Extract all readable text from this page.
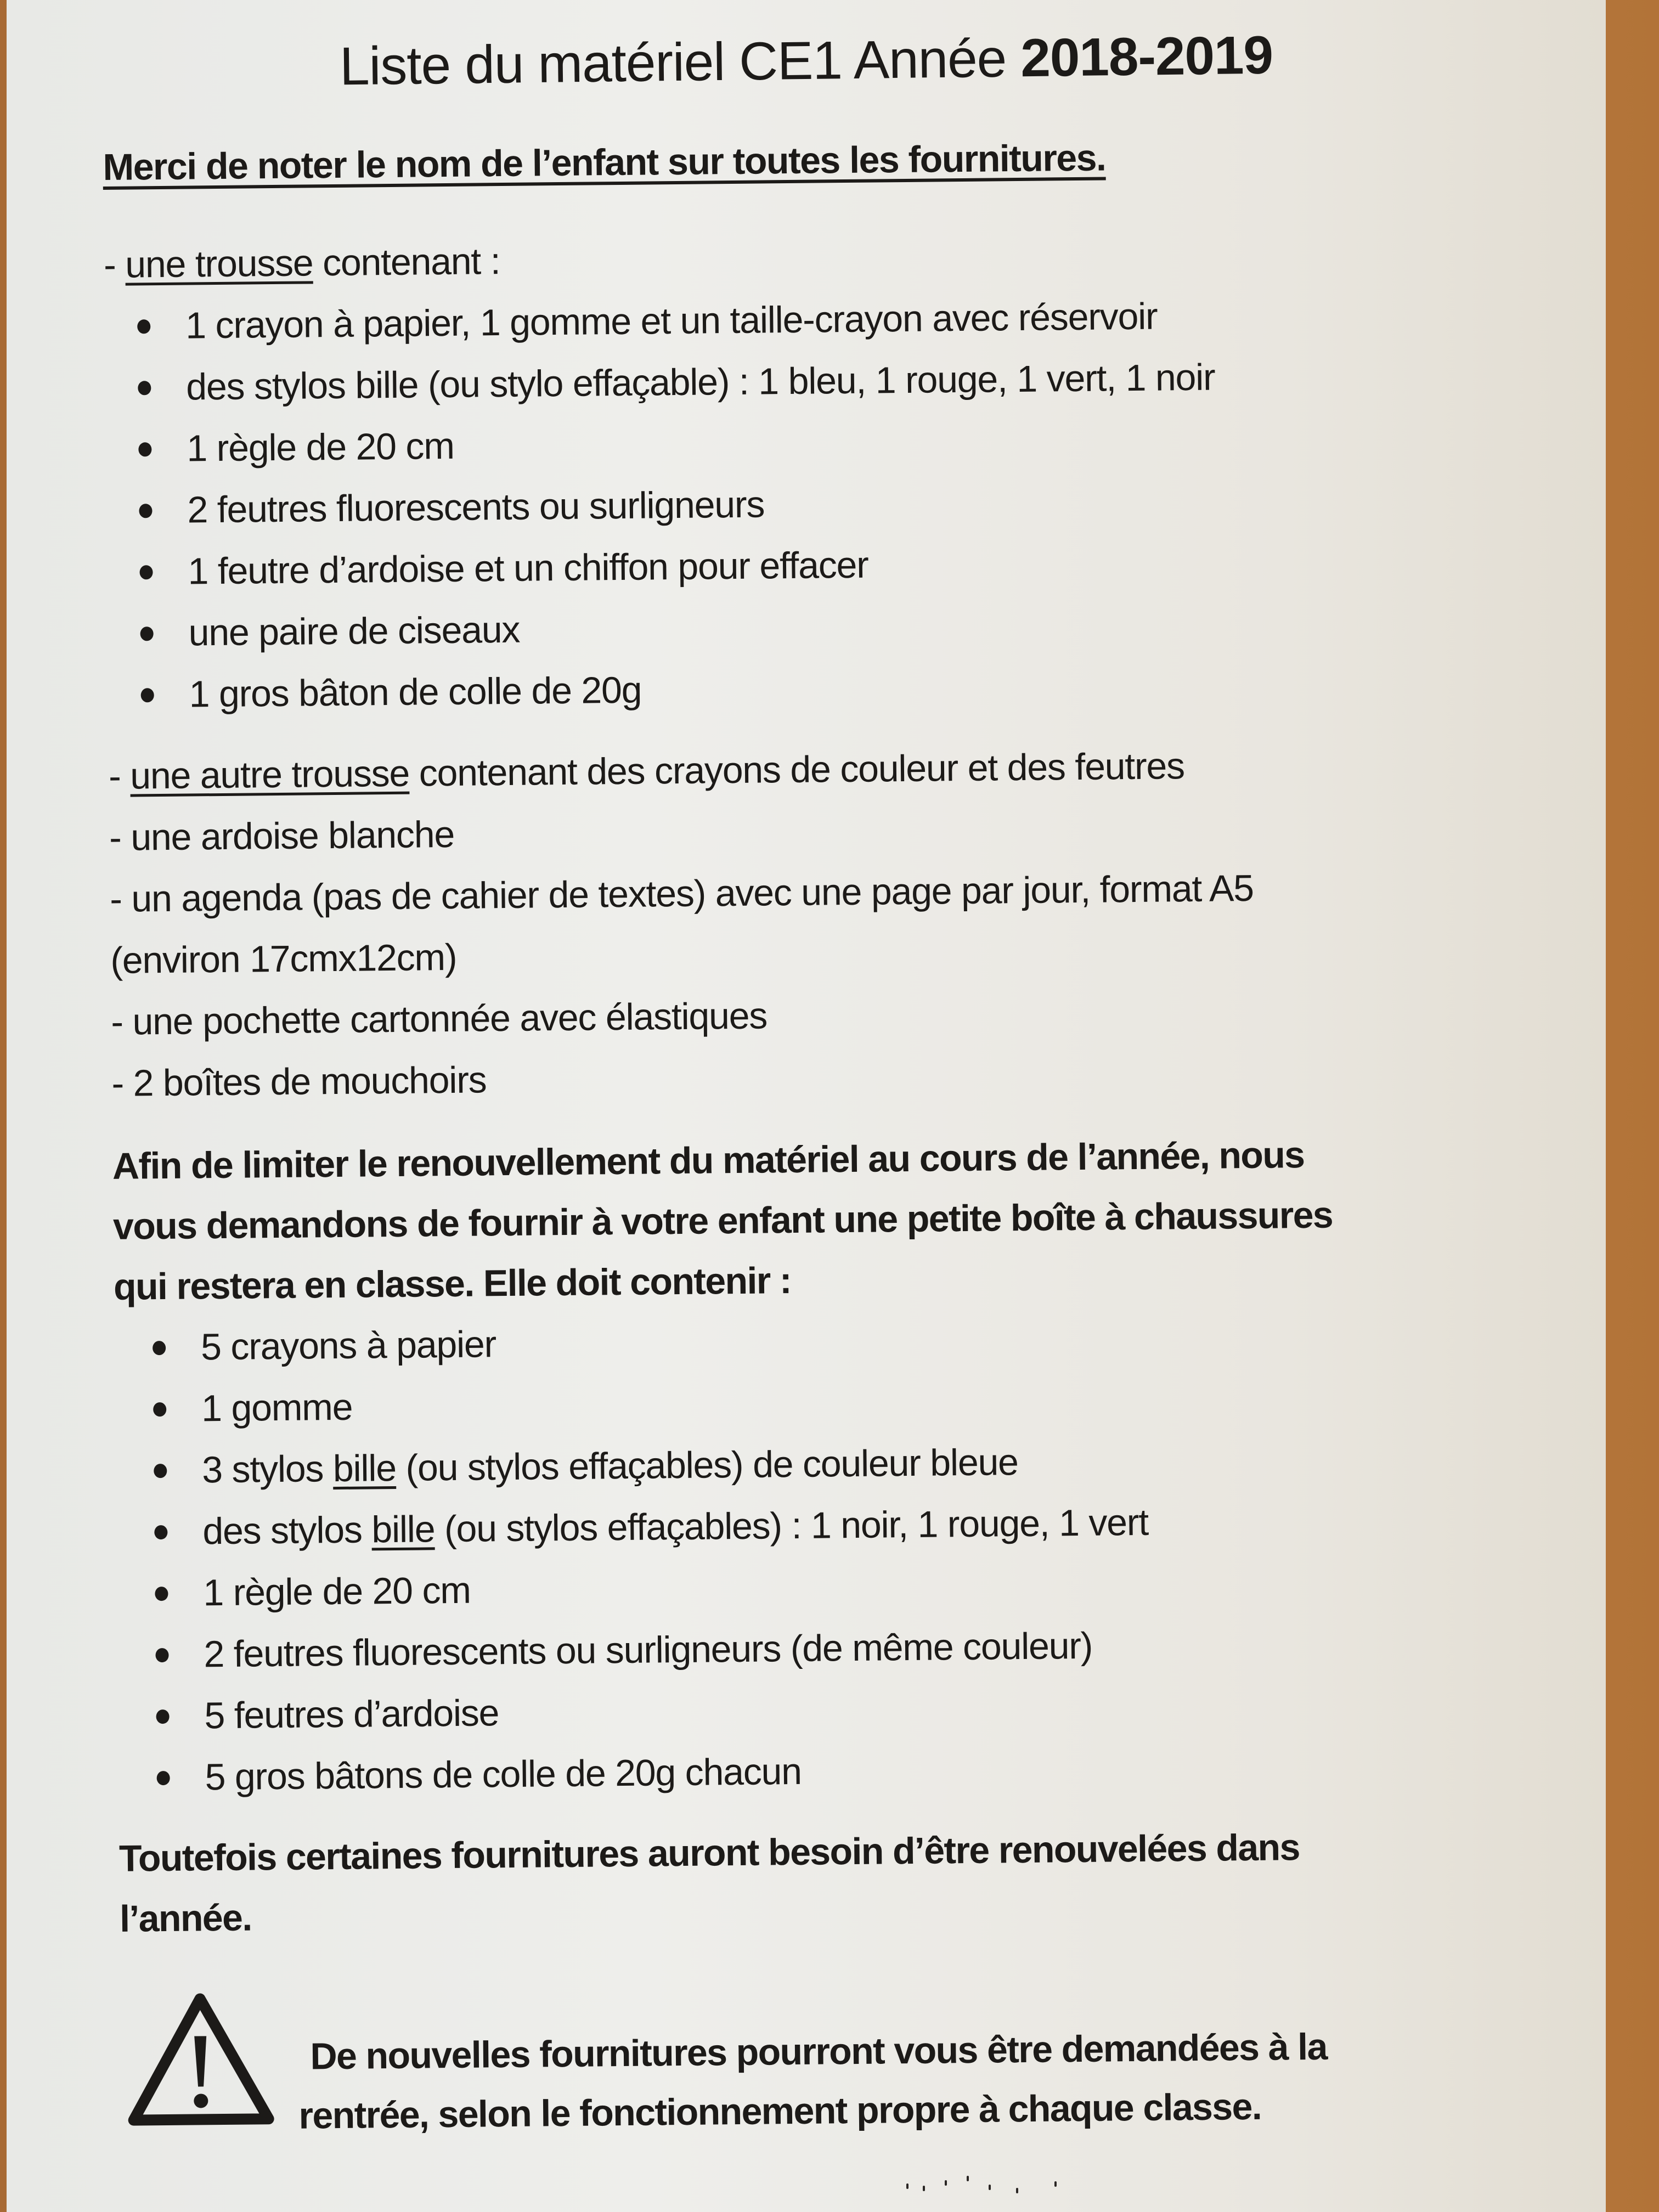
Liste du matériel CE1 Année 2018-2019
Merci de noter le nom de l’enfant sur toutes les fournitures.
- une trousse contenant :
1 crayon à papier, 1 gomme et un taille-crayon avec réservoir
des stylos bille (ou stylo effaçable) : 1 bleu, 1 rouge, 1 vert, 1 noir
1 règle de 20 cm
2 feutres fluorescents ou surligneurs
1 feutre d’ardoise et un chiffon pour effacer
une paire de ciseaux
1 gros bâton de colle de 20g
- une autre trousse contenant des crayons de couleur et des feutres
- une ardoise blanche
- un agenda (pas de cahier de textes) avec une page par jour, format A5
(environ 17cmx12cm)
- une pochette cartonnée avec élastiques
- 2 boîtes de mouchoirs
Afin de limiter le renouvellement du matériel au cours de l’année, nous
vous demandons de fournir à votre enfant une petite boîte à chaussures
qui restera en classe. Elle doit contenir :
5 crayons à papier
1 gomme
3 stylos bille (ou stylos effaçables) de couleur bleue
des stylos bille (ou stylos effaçables) : 1 noir, 1 rouge, 1 vert
1 règle de 20 cm
2 feutres fluorescents ou surligneurs (de même couleur)
5 feutres d’ardoise
5 gros bâtons de colle de 20g chacun
Toutefois certaines fournitures auront besoin d’être renouvelées dans
l’année.
De nouvelles fournitures pourront vous être demandées à la
rentrée, selon le fonctionnement propre à chaque classe.
